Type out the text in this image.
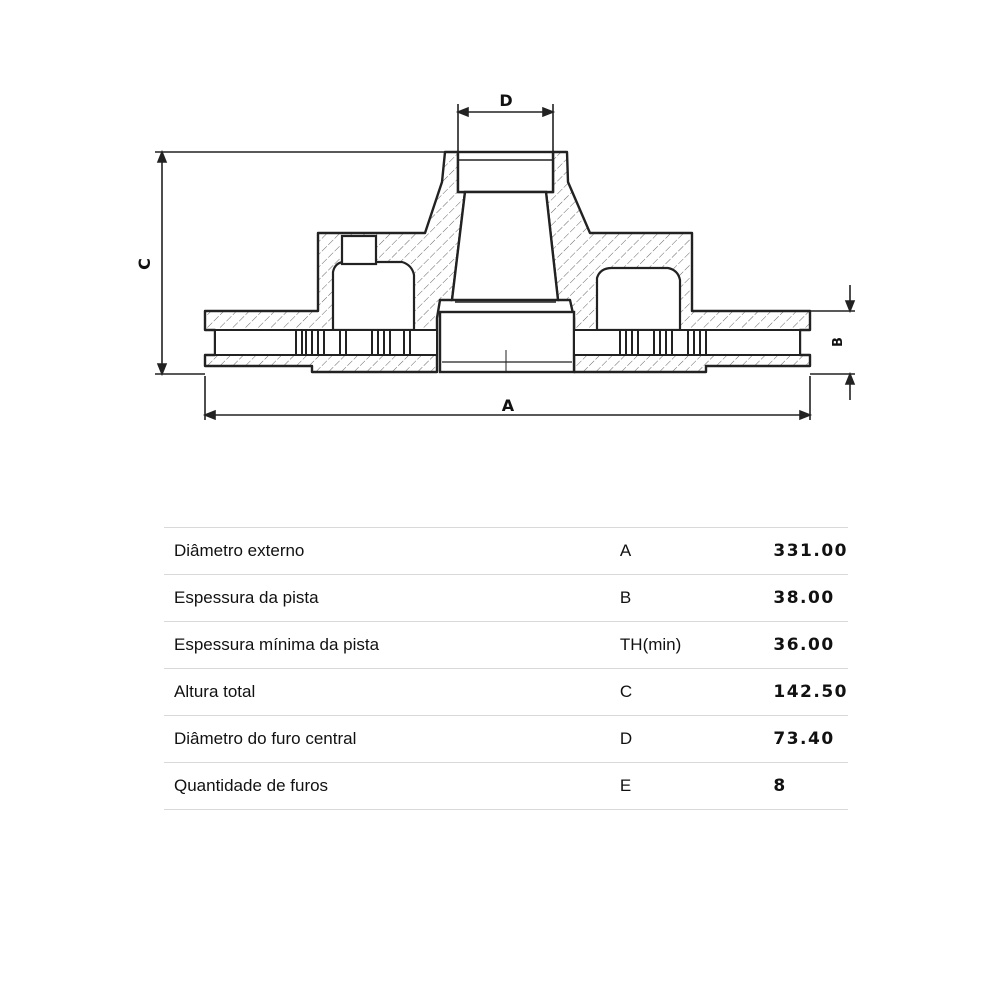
D
C
A
B
Diâmetro externo	A	331.00
Espessura da pista	B	38.00
Espessura mínima da pista	TH(min)	36.00
Altura total	C	142.50
Diâmetro do furo central	D	73.40
Quantidade de furos	E	8
